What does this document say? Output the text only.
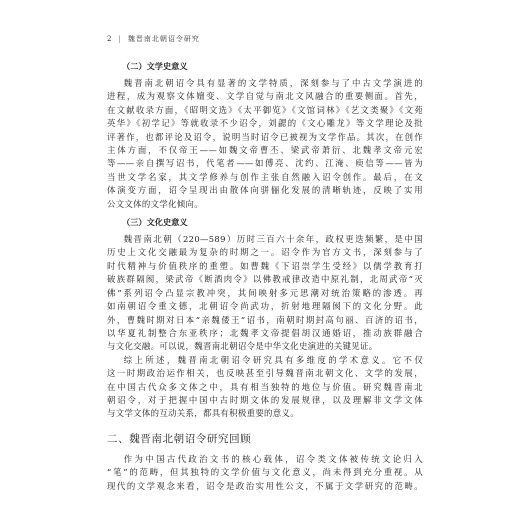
2 | 魏晋南北朝诏令研究
（二）文学史意义
魏晋南北朝诏令具有显著的文学特质，深刻参与了中古文学演进的
进程，成为观察文体嬗变、文学自觉与南北文风融合的重要侧面。首先，
在文献收录方面，《昭明文选》《太平御览》《文馆词林》《艺文类聚》《文苑
英华》《初学记》等就收录不少诏令，刘勰的《文心雕龙》等文学理论及批
评著作，也都评论及诏令，说明当时诏令已被视为文学作品。其次，在创作
主体方面，不仅帝王——如魏文帝曹丕、梁武帝萧衍、北魏孝文帝元宏
等——亲自撰写诏书，代笔者——如傅亮、沈约、江淹、庾信等——皆为
当世文学名家，其文学修养与创作主张自然融入诏令创作。最后，在文
体演变方面，诏令呈现出由散体向骈俪化发展的清晰轨迹，反映了实用
公文文体的文学化倾向。
（三）文化史意义
魏晋南北朝（220—589）历时三百六十余年，政权更迭频繁，是中国
历史上文化交融最为复杂的时期之一。诏令作为官方文书，深刻参与了
时代精神与价值秩序的重塑。如曹魏《下诏崇学生受经》以儒学教育打
破族群隔阂，梁武帝《断酒肉令》以佛教戒律改造中原礼制，北周武帝“灭
佛”系列诏令凸显宗教冲突，其间映射多元思潮对统治策略的渗透。再
如南朝诏令重文德，北朝诏令尚武功，折射地理隔阂下的文化分野。此
外，曹魏时期对日本“亲魏倭王”诏书，南朝时期封高句丽、百济的诏书，
以华夏礼制整合东亚秩序；北魏孝文帝提倡胡汉通婚诏，推动族群融合
与文化交融。可以说，魏晋南北朝诏令是中华文化史演进的关键见证。
综上所述，魏晋南北朝诏令研究具有多维度的学术意义。它不仅
这一时期政治运作相关，也反映甚至引导魏晋南北朝文化、文学的发展，
在中国古代众多文体之中，具有相当独特的地位与价值。研究魏晋南北
朝诏令，对于把握中国中古时期文体的发展规律，以及理解非文学文体
与文学文体的互动关系，都具有积极重要的意义。
二、魏晋南北朝诏令研究回顾
作为中国古代政治文书的核心载体，诏令类文体被传统文论归入
“笔”的范畴，但其独特的文学价值与文化意义，尚未得到充分重视。从
现代的文学观念来看，诏令是政治实用性公文，不属于文学研究的范畴。
